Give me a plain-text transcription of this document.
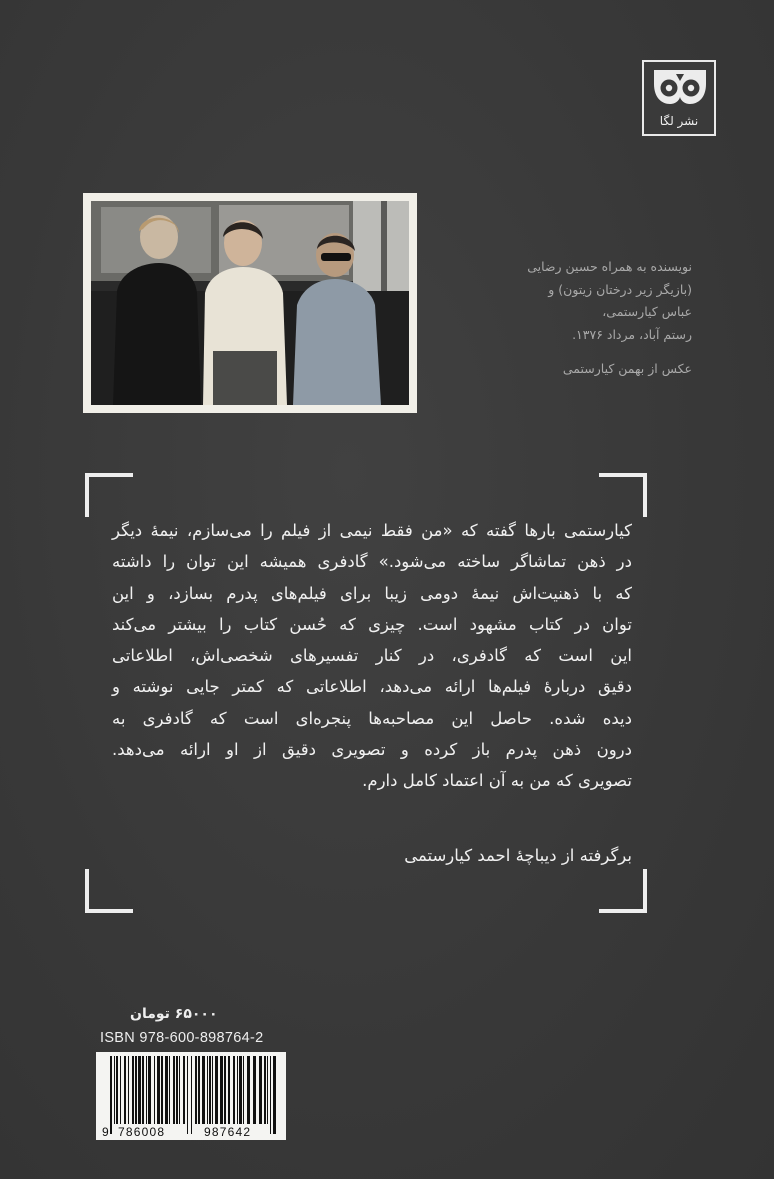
نشر لگا
نویسنده به همراه حسین رضایی
(بازیگر زیر درختان زیتون) و
عباس کیارستمی،
رستم آباد، مرداد ۱۳۷۶.
عکس از بهمن کیارستمی
کیارستمی بارها گفته که «من فقط نیمی از فیلم را می‌سازم، نیمهٔ دیگر
در ذهن تماشاگر ساخته می‌شود.» گادفری همیشه این توان را داشته
که با ذهنیت‌اش نیمهٔ دومی زیبا برای فیلم‌های پدرم بسازد، و این
توان در کتاب مشهود است. چیزی که حُسن کتاب را بیشتر می‌کند
این است که گادفری، در کنار تفسیرهای شخصی‌اش، اطلاعاتی
دقیق دربارهٔ فیلم‌ها ارائه می‌دهد، اطلاعاتی که کمتر جایی نوشته و
دیده شده. حاصل این مصاحبه‌ها پنجره‌ای است که گادفری به
درون ذهن پدرم باز کرده و تصویری دقیق از او ارائه می‌دهد.
تصویری که من به آن اعتماد کامل دارم.
برگرفته از دیباچهٔ احمد کیارستمی
۶۵۰۰۰ تومان
ISBN 978-600-898764-2
9 786008	987642
